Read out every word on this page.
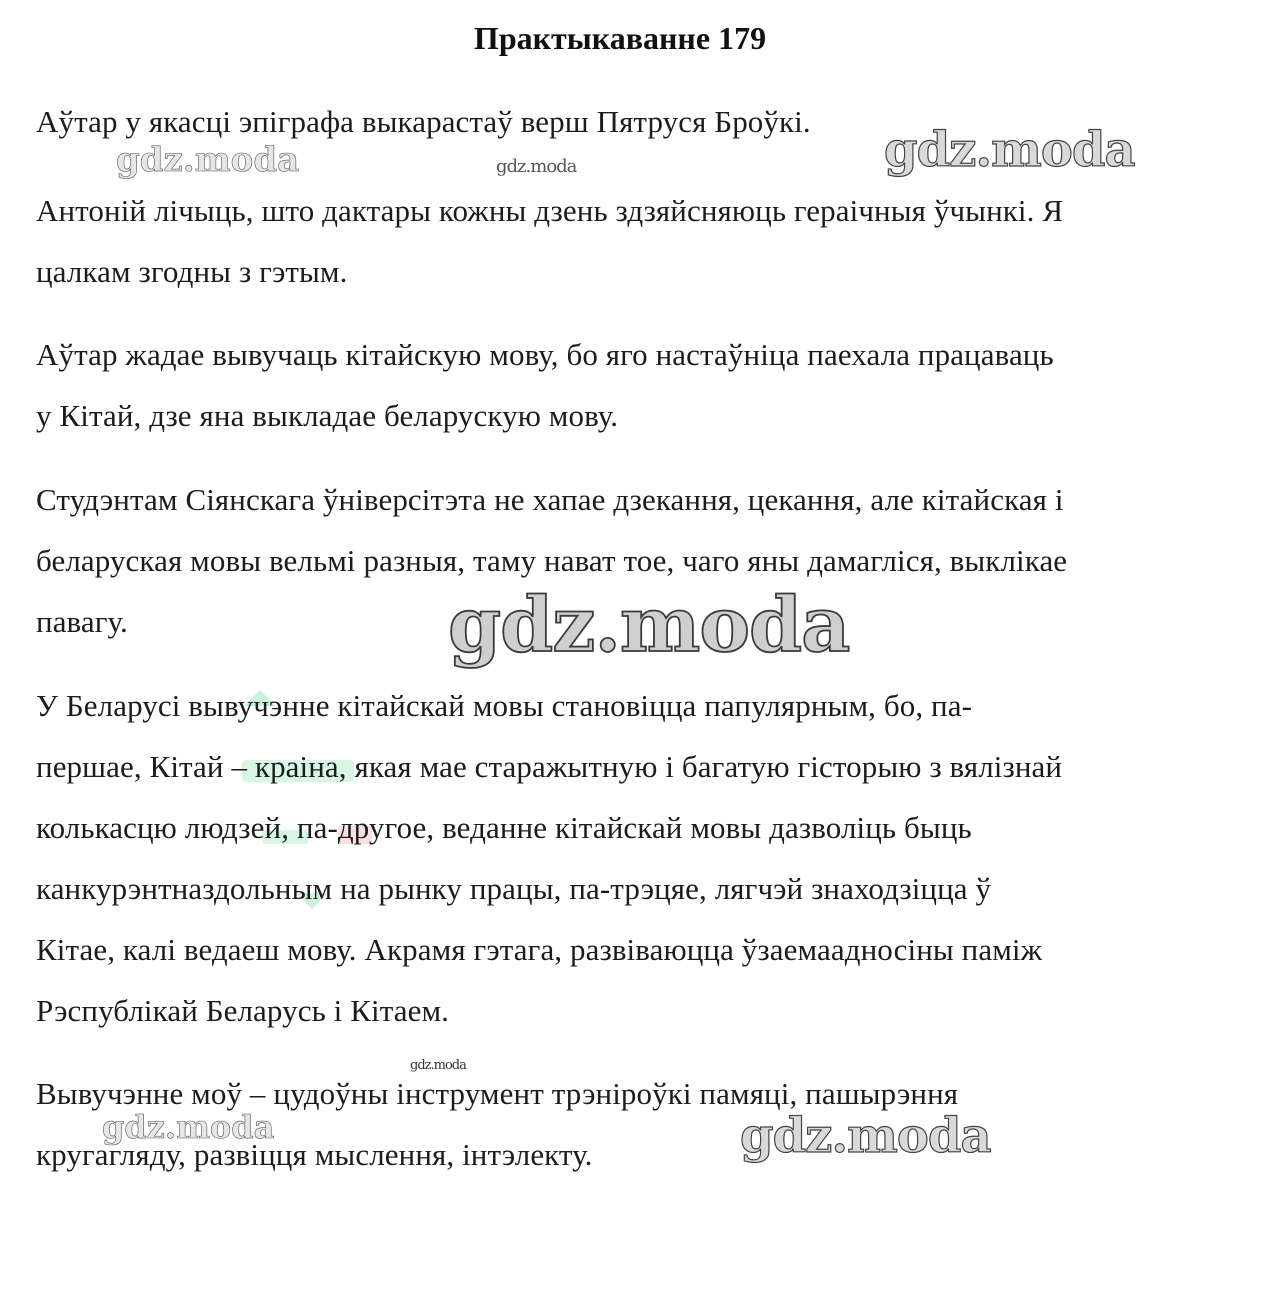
Практыкаванне 179
Аўтар у якасці эпіграфа выкарастаў верш Пятруся Броўкі.
Антоній лічыць, што дактары кожны дзень здзяйсняюць гераічныя ўчынкі. Я
цалкам згодны з гэтым.
Аўтар жадае вывучаць кітайскую мову, бо яго настаўніца паехала працаваць
у Кітай, дзе яна выкладае беларускую мову.
Студэнтам Сіянскага ўніверсітэта не хапае дзекання, цекання, але кітайская і
беларуская мовы вельмі разныя, таму нават тое, чаго яны дамагліся, выклікае
павагу.
У Беларусі вывучэнне кітайскай мовы становіцца папулярным, бо, па-
першае, Кітай – краіна, якая мае старажытную і багатую гісторыю з вялізнай
колькасцю людзей, па-другое, веданне кітайскай мовы дазволіць быць
канкурэнтназдольным на рынку працы, па-трэцяе, лягчэй знаходзіцца ў
Кітае, калі ведаеш мову. Акрамя гэтага, развіваюцца ўзаемаадносіны паміж
Рэспублікай Беларусь і Кітаем.
Вывучэнне моў – цудоўны інструмент трэніроўкі памяці, пашырэння
кругагляду, развіцця мыслення, інтэлекту.
gdz.moda	gdz.moda	gdz.moda
gdz.moda
gdz.moda
gdz.moda	gdz.moda
